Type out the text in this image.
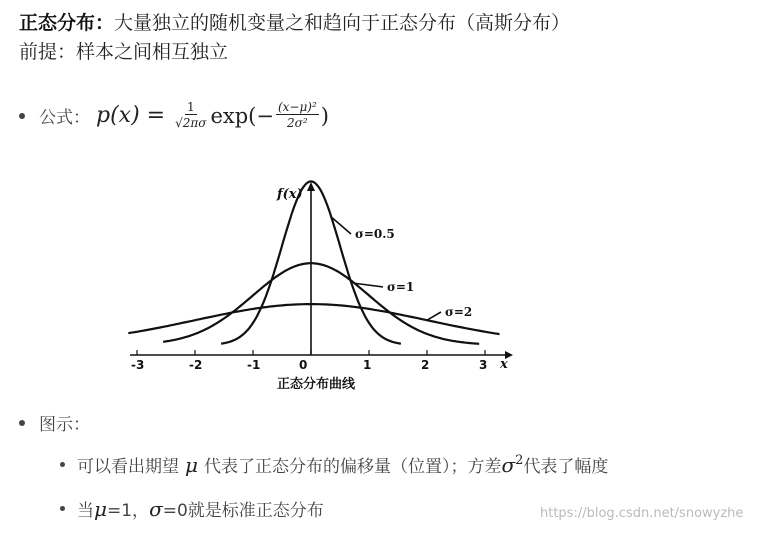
正态分布：大量独立的随机变量之和趋向于正态分布（高斯分布）
前提：样本之间相互独立
公式： $p(x) = \frac{1}{√2\pi\sigma} \exp(- \frac{\text{(x−μ)²}}{\text{2σ²}}$ )
-3	-2	-1	0	1	2	3
σ=0.5
σ=1
σ=2
f(x)
x
正态分布曲线
图示：
可以看出期望 μ 代表了正态分布的偏移量（位置）；方差 $\sigma^2$ 代表了幅度
当 μ =1， σ =0就是标准正态分布	https://blog.csdn.net/snowyzhe
